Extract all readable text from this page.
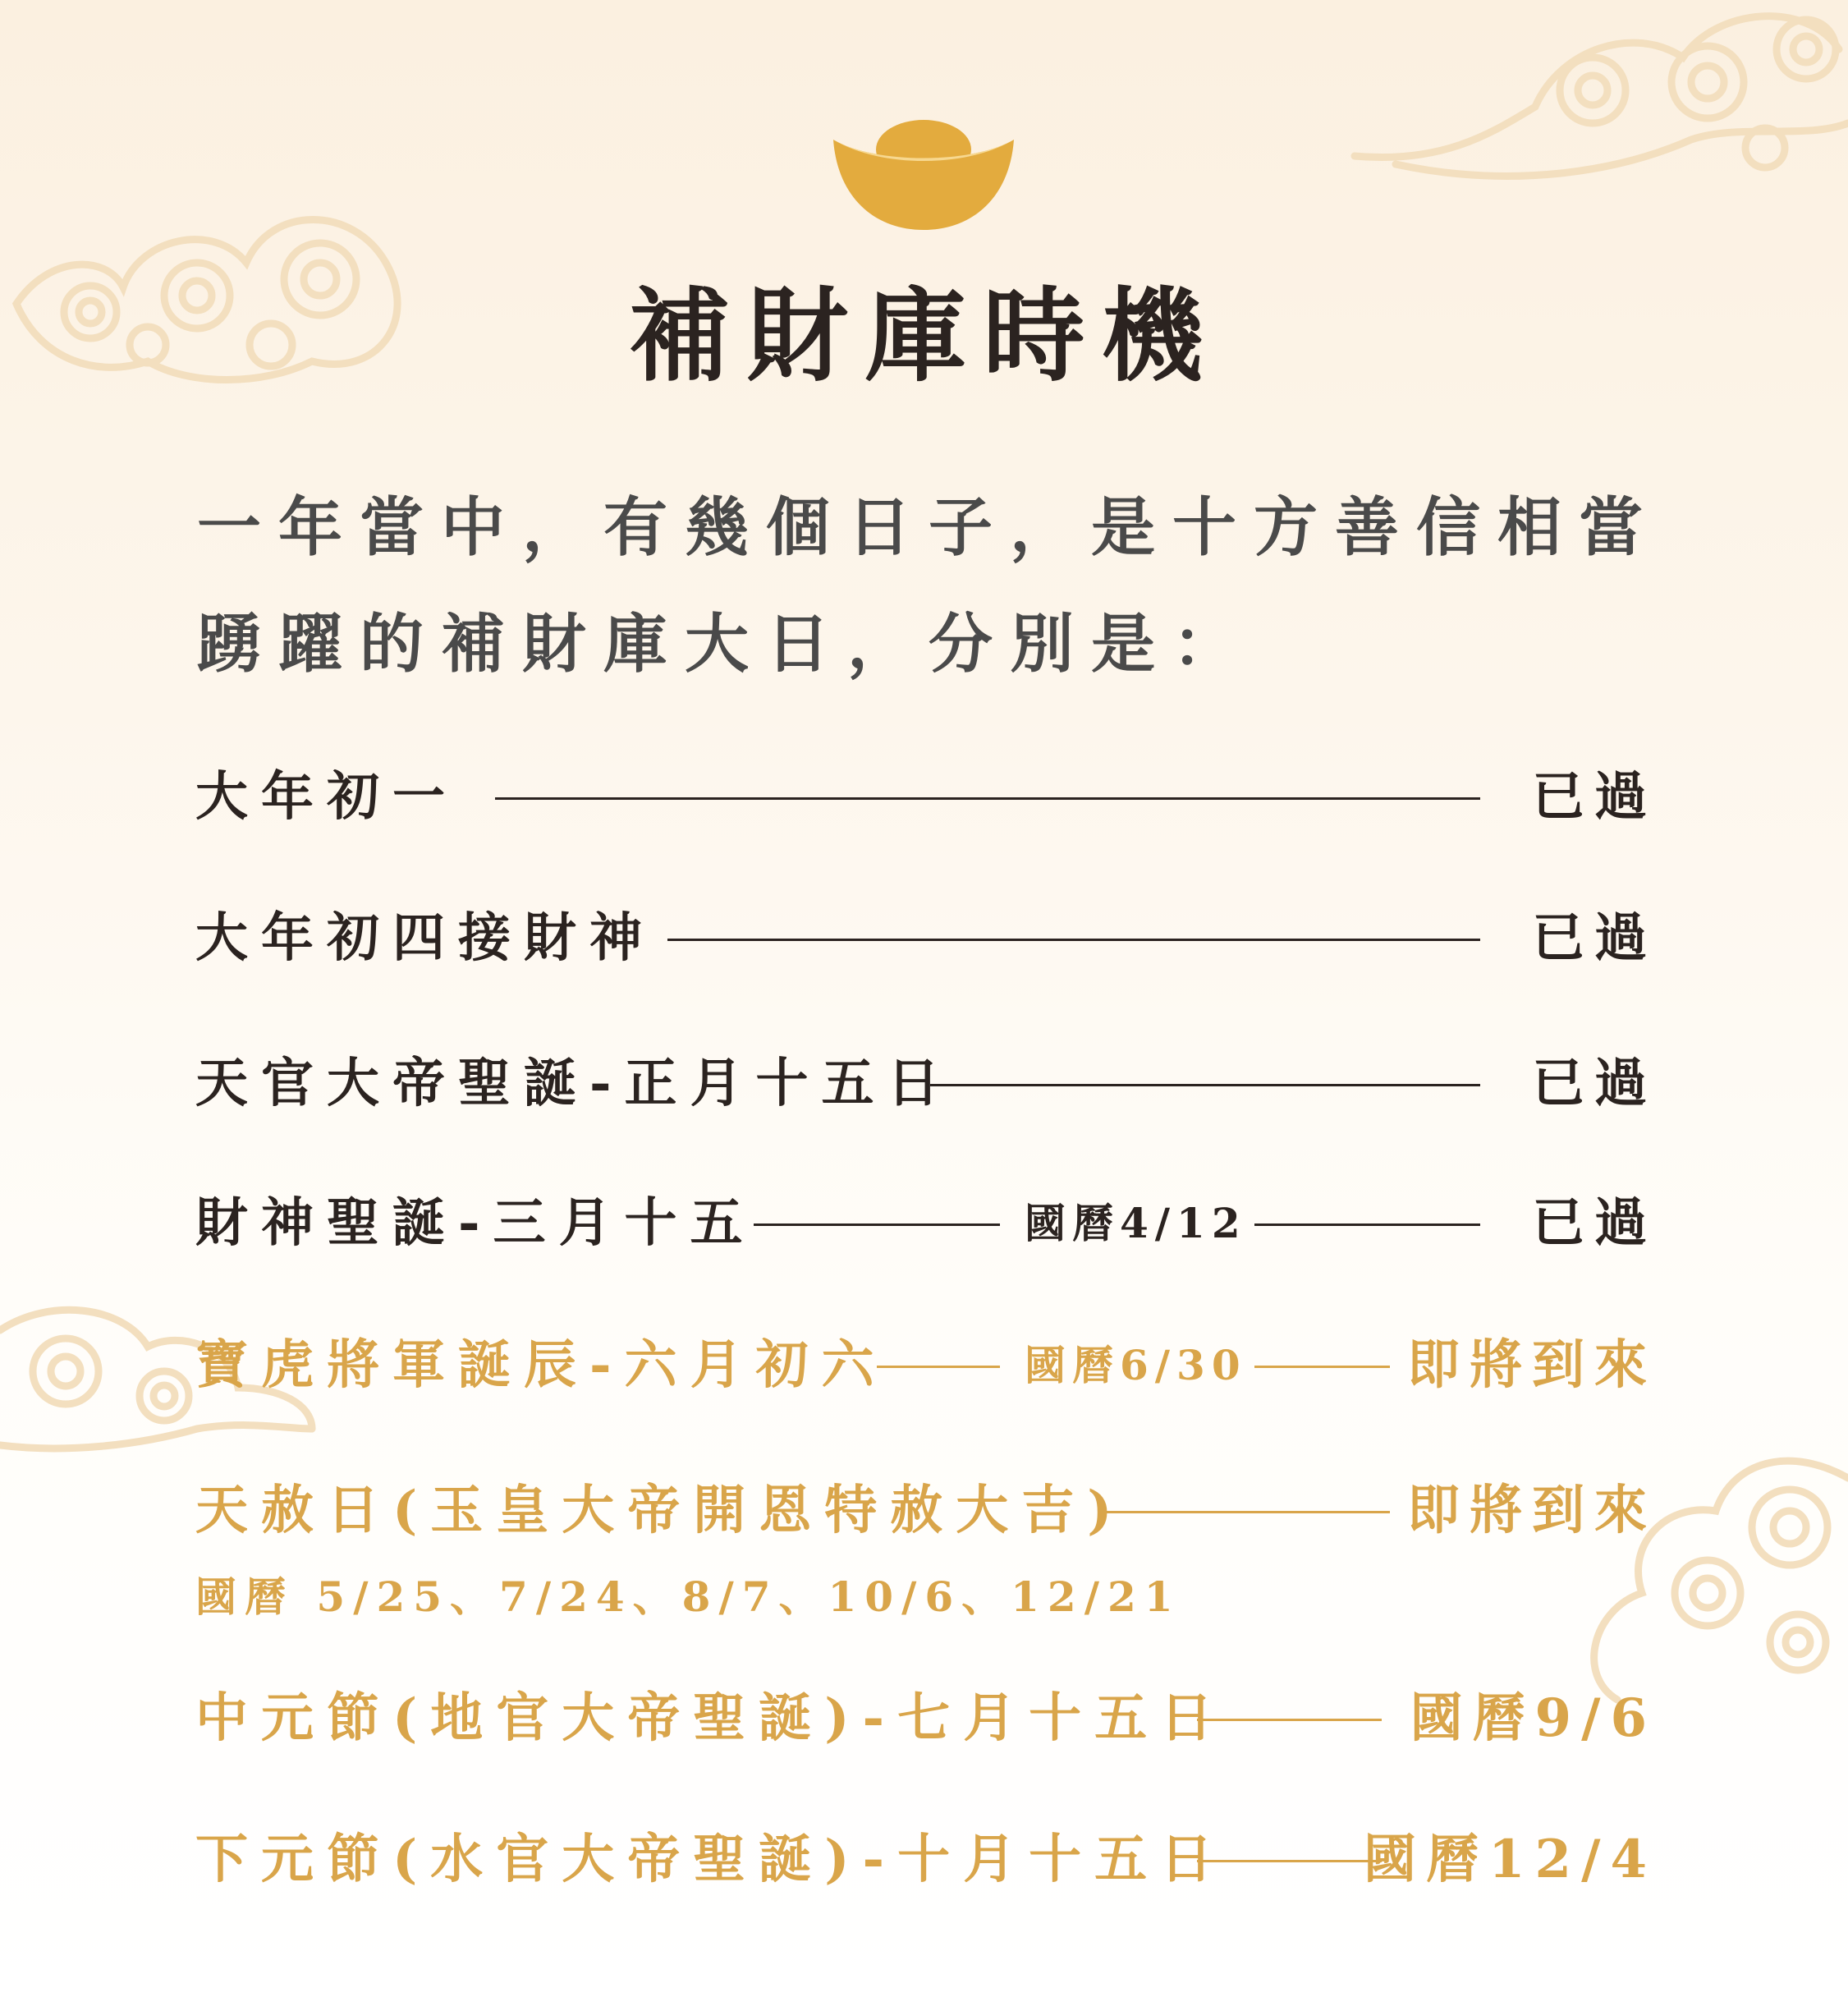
補財庫時機
一年當中，有幾個日子，是十方善信相當
踴躍的補財庫大日，分別是：
大年初一	已過
大年初四接財神	已過
天官大帝聖誕-正月十五日	已過
財神聖誕-三月十五	國曆4/12	已過
寶虎將軍誕辰-六月初六	國曆6/30	即將到來
天赦日(玉皇大帝開恩特赦大吉)	即將到來
國曆 5/25、7/24、8/7、10/6、12/21
中元節(地官大帝聖誕)-七月十五日	國曆9/6
下元節(水官大帝聖誕)-十月十五日	國曆12/4
